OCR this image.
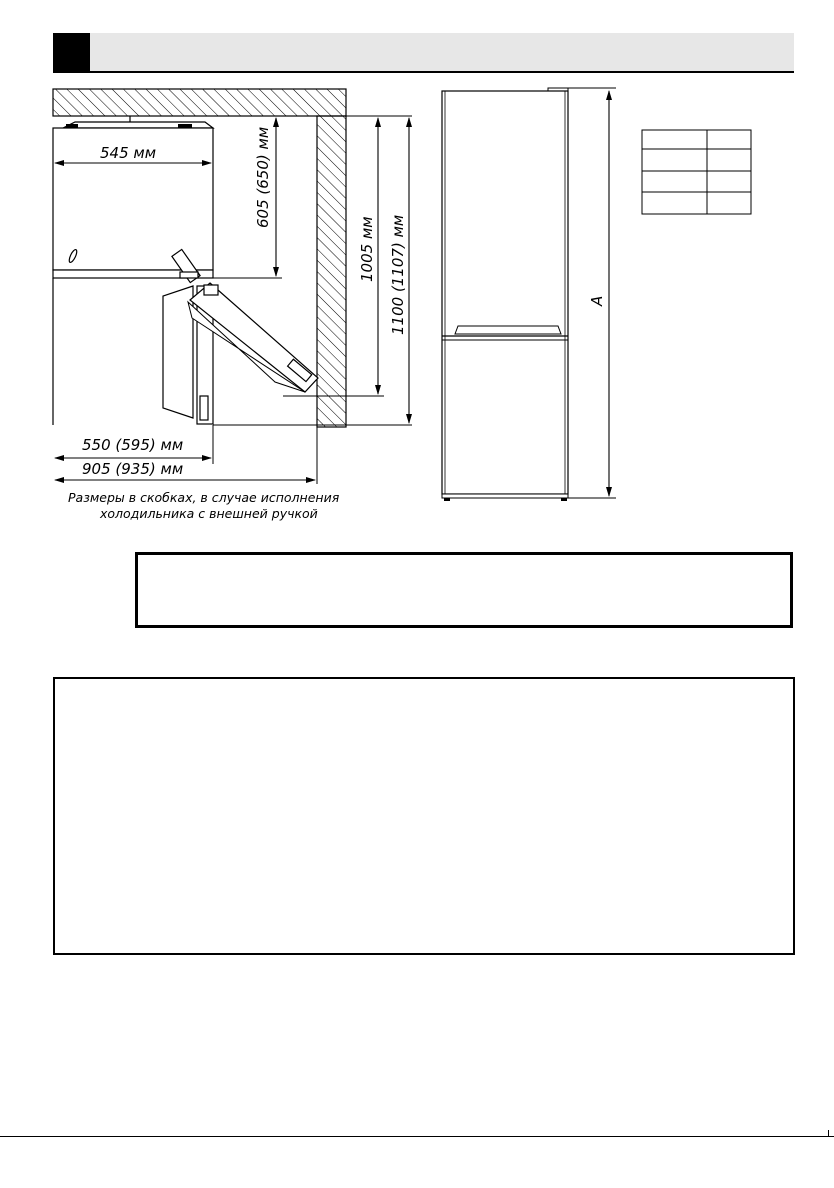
545 мм	605 (650) мм
1005 мм 1100 (1107) мм
550 (595) мм
905 (935) мм
Размеры в скобках, в случае исполнения
холодильника с внешней ручкой
A
